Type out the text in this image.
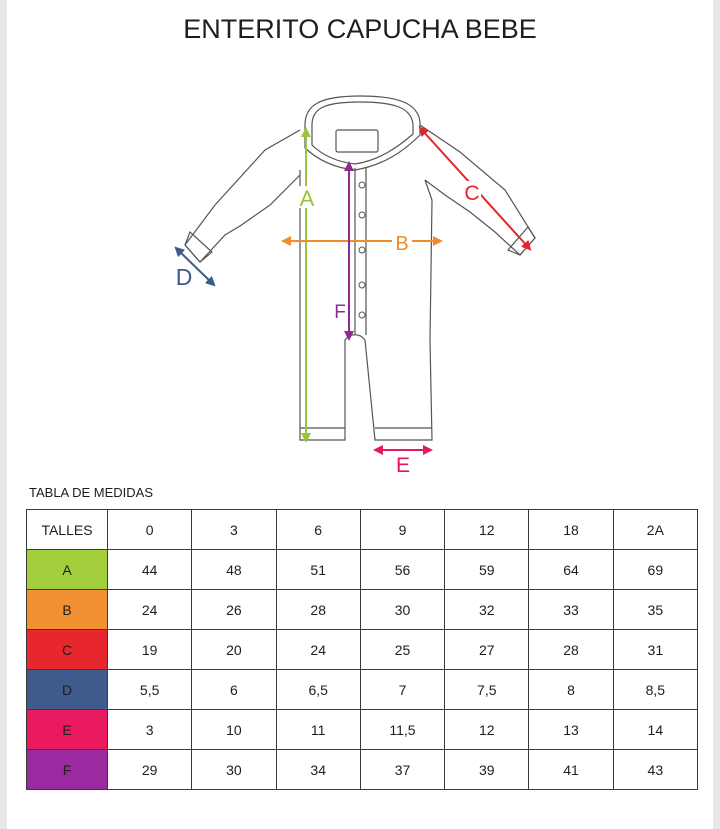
ENTERITO CAPUCHA BEBE
A
B
C
D
E
F
TABLA DE MEDIDAS
TALLES	0	3	6	9	12	18	2A
A	44	48	51	56	59	64	69
B	24	26	28	30	32	33	35
C	19	20	24	25	27	28	31
D	5,5	6	6,5	7	7,5	8	8,5
E	3	10	11	11,5	12	13	14
F	29	30	34	37	39	41	43
